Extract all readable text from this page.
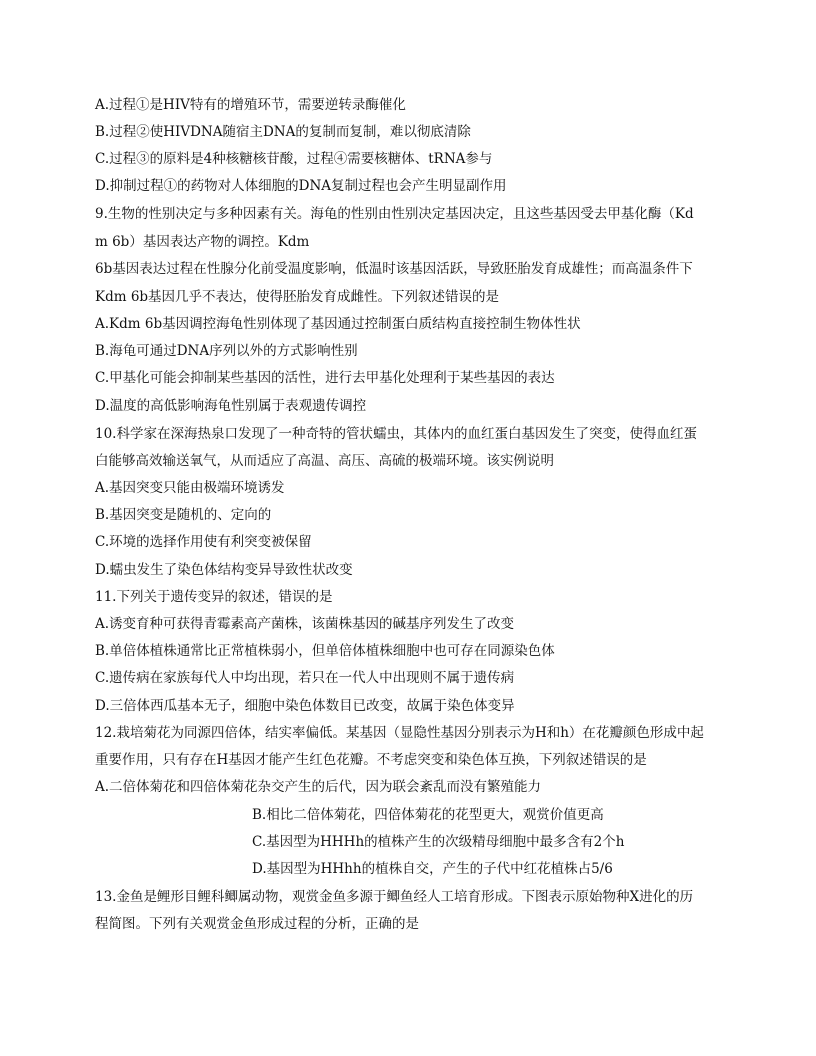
A.过程①是HIV特有的增殖环节，需要逆转录酶催化
B.过程②使HIVDNA随宿主DNA的复制而复制，难以彻底清除
C.过程③的原料是4种核糖核苷酸，过程④需要核糖体、tRNA参与
D.抑制过程①的药物对人体细胞的DNA复制过程也会产生明显副作用
9.生物的性别决定与多种因素有关。海龟的性别由性别决定基因决定，且这些基因受去甲基化酶（Kd
m 6b）基因表达产物的调控。Kdm
6b基因表达过程在性腺分化前受温度影响，低温时该基因活跃，导致胚胎发育成雄性；而高温条件下
Kdm 6b基因几乎不表达，使得胚胎发育成雌性。下列叙述错误的是
A.Kdm 6b基因调控海龟性别体现了基因通过控制蛋白质结构直接控制生物体性状
B.海龟可通过DNA序列以外的方式影响性别
C.甲基化可能会抑制某些基因的活性，进行去甲基化处理利于某些基因的表达
D.温度的高低影响海龟性别属于表观遗传调控
10.科学家在深海热泉口发现了一种奇特的管状蠕虫，其体内的血红蛋白基因发生了突变，使得血红蛋
白能够高效输送氧气，从而适应了高温、高压、高硫的极端环境。该实例说明
A.基因突变只能由极端环境诱发
B.基因突变是随机的、定向的
C.环境的选择作用使有利突变被保留
D.蠕虫发生了染色体结构变异导致性状改变
11.下列关于遗传变异的叙述，错误的是
A.诱变育种可获得青霉素高产菌株，该菌株基因的碱基序列发生了改变
B.单倍体植株通常比正常植株弱小，但单倍体植株细胞中也可存在同源染色体
C.遗传病在家族每代人中均出现，若只在一代人中出现则不属于遗传病
D.三倍体西瓜基本无子，细胞中染色体数目已改变，故属于染色体变异
12.栽培菊花为同源四倍体，结实率偏低。某基因（显隐性基因分别表示为H和h）在花瓣颜色形成中起
重要作用，只有存在H基因才能产生红色花瓣。不考虑突变和染色体互换，下列叙述错误的是
A.二倍体菊花和四倍体菊花杂交产生的后代，因为联会紊乱而没有繁殖能力
B.相比二倍体菊花，四倍体菊花的花型更大，观赏价值更高
C.基因型为HHHh的植株产生的次级精母细胞中最多含有2个h
D.基因型为HHhh的植株自交，产生的子代中红花植株占5/6
13.金鱼是鲤形目鲤科鲫属动物，观赏金鱼多源于鲫鱼经人工培育形成。下图表示原始物种X进化的历
程简图。下列有关观赏金鱼形成过程的分析，正确的是
